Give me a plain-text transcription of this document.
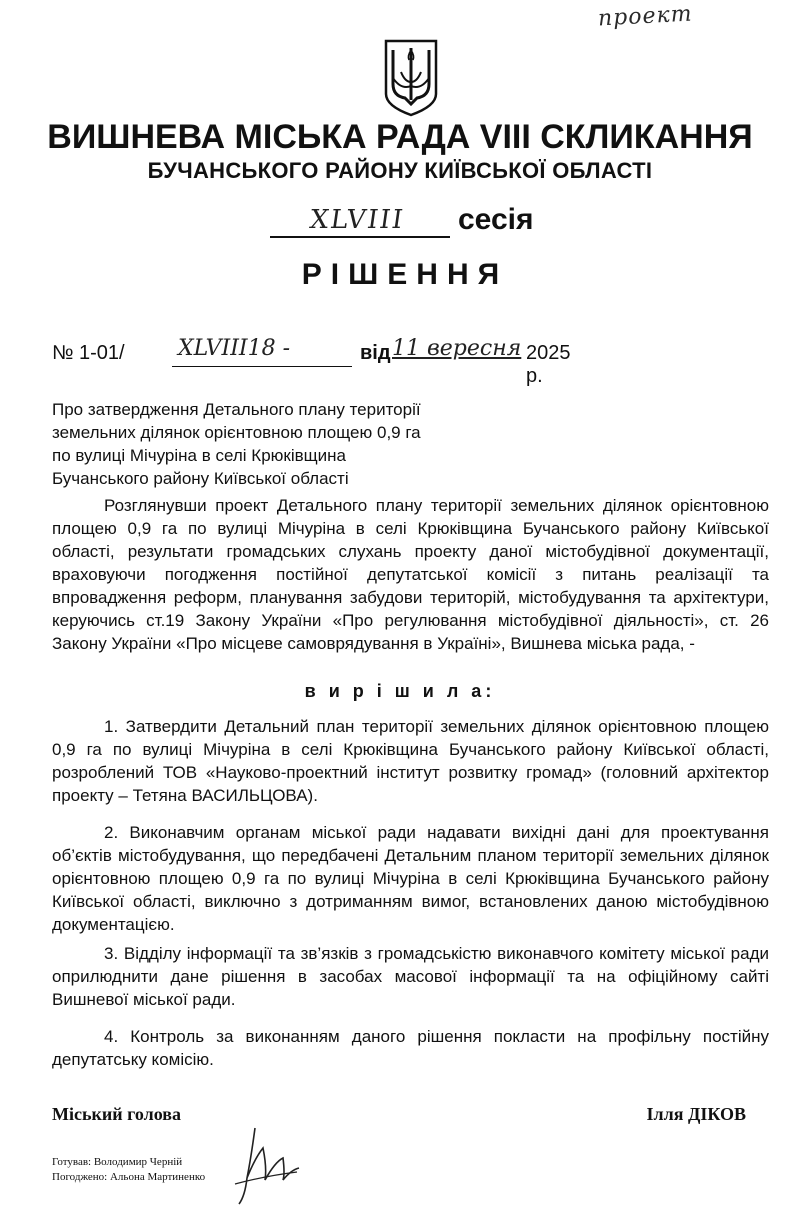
проект
ВИШНЕВА МІСЬКА РАДА VIII СКЛИКАННЯ
БУЧАНСЬКОГО РАЙОНУ КИЇВСЬКОЇ ОБЛАСТІ
XLVIII сесія
РІШЕННЯ
№ 1-01/ XLVIII18 -	від 11 вересня 2025 р.
Про затвердження Детального плану території
земельних ділянок орієнтовною площею 0,9 га
по вулиці Мічуріна в селі Крюківщина
Бучанського району Київської області
Розглянувши проект Детального плану території земельних ділянок орієнтовною площею 0,9 га по вулиці Мічуріна в селі Крюківщина Бучанського району Київської області, результати громадських слухань проекту даної містобудівної документації, враховуючи погодження постійної депутатської комісії з питань реалізації та впровадження реформ, планування забудови територій, містобудування та архітектури, керуючись ст.19 Закону України «Про регулювання містобудівної діяльності», ст. 26 Закону України «Про місцеве самоврядування в Україні», Вишнева міська рада, -
в и р і ш и л а:
1. Затвердити Детальний план території земельних ділянок орієнтовною площею 0,9 га по вулиці Мічуріна в селі Крюківщина Бучанського району Київської області, розроблений ТОВ «Науково-проектний інститут розвитку громад» (головний архітектор проекту – Тетяна ВАСИЛЬЦОВА).
2. Виконавчим органам міської ради надавати вихідні дані для проектування об’єктів містобудування, що передбачені Детальним планом території земельних ділянок орієнтовною площею 0,9 га по вулиці Мічуріна в селі Крюківщина Бучанського району Київської області, виключно з дотриманням вимог, встановлених даною містобудівною документацією.
3. Відділу інформації та зв’язків з громадськістю виконавчого комітету міської ради оприлюднити дане рішення в засобах масової інформації та на офіційному сайті Вишневої міської ради.
4. Контроль за виконанням даного рішення покласти на профільну постійну депутатську комісію.
Міський голова	Ілля ДІКОВ
Готував: Володимир Черній
Погоджено: Альона Мартиненко
